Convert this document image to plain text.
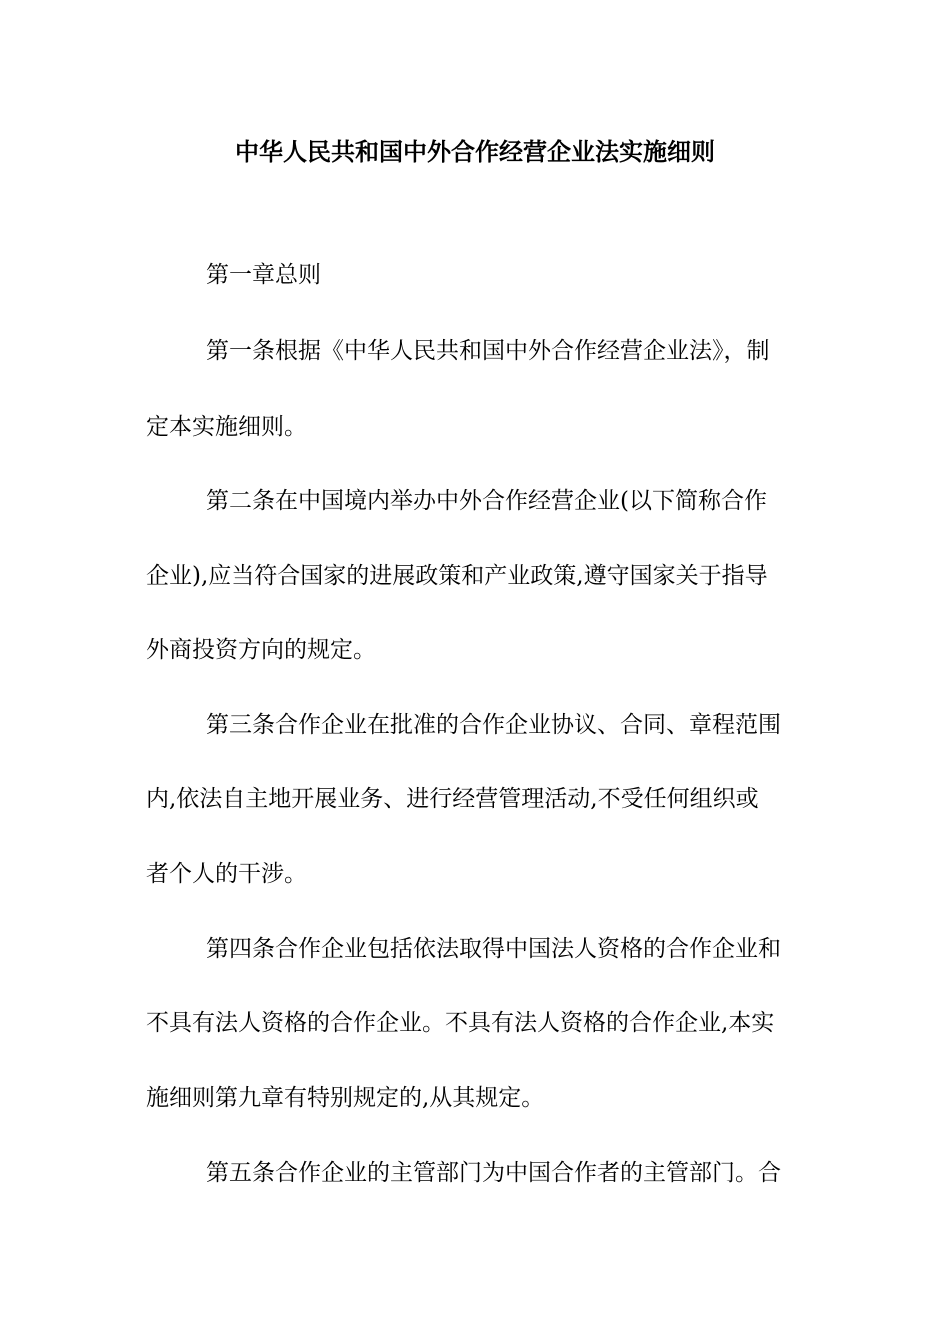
中华人民共和国中外合作经营企业法实施细则
第一章总则
第一条根据《中华人民共和国中外合作经营企业法》，制
定本实施细则。
第二条在中国境内举办中外合作经营企业(以下简称合作
企业),应当符合国家的进展政策和产业政策,遵守国家关于指导
外商投资方向的规定。
第三条合作企业在批准的合作企业协议、合同、章程范围
内,依法自主地开展业务、进行经营管理活动,不受任何组织或
者个人的干涉。
第四条合作企业包括依法取得中国法人资格的合作企业和
不具有法人资格的合作企业。不具有法人资格的合作企业,本实
施细则第九章有特别规定的,从其规定。
第五条合作企业的主管部门为中国合作者的主管部门。合
